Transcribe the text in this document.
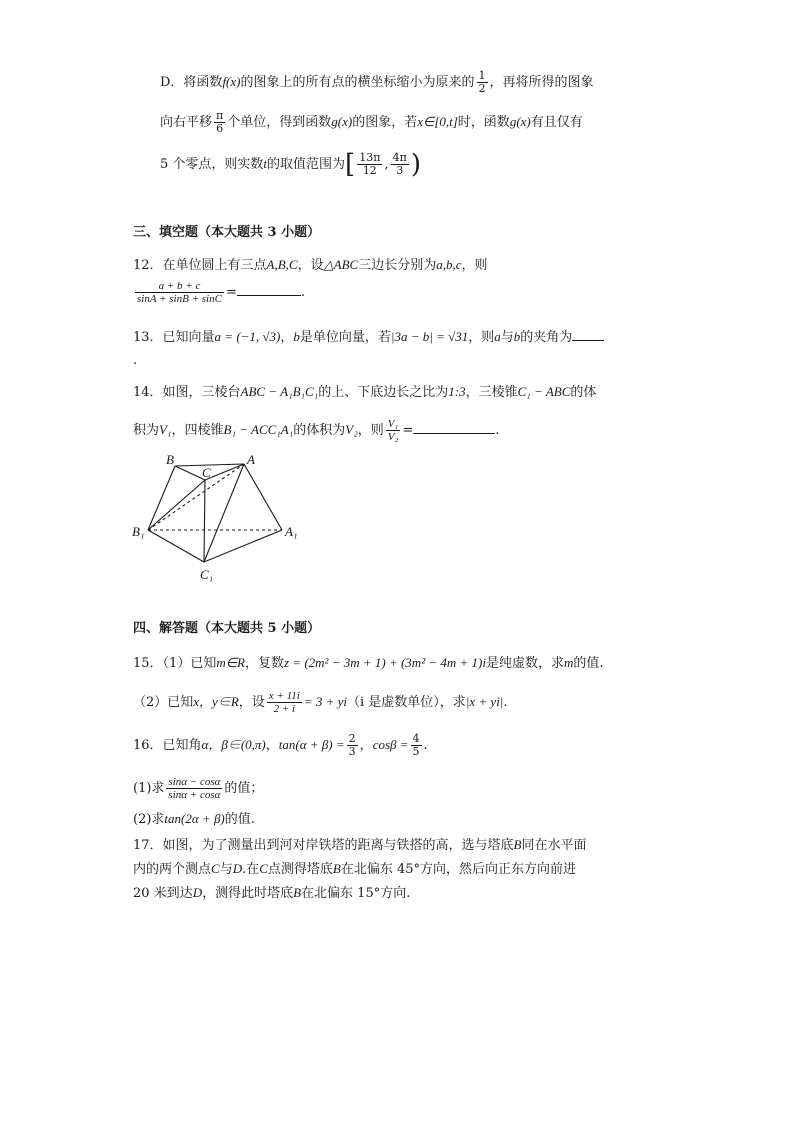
D．将函数f(x)的图象上的所有点的横坐标缩小为原来的 $\frac{1}{2}$ ，再将所得的图象
向右平移 $\frac{\pi}{6}$ 个单位，得到函数g(x)的图象，若x∈[0,t]时，函数g(x)有且仅有
5 个零点，则实数t的取值范围为[ $\frac{13\pi}{12}$ , $\frac{4\pi}{3}$ )
三、填空题（本大题共 3 小题）
12．在单位圆上有三点A,B,C，设△ABC三边长分别为a,b,c，则
$\frac{a + b + c}{\sin A + \sin B + \sin C}$ =	.
13．已知向量a = (−1, √3)，b是单位向量，若|3a − b| = √31，则a与b的夹角为
.
14．如图，三棱台ABC − A₁B₁C₁的上、下底边长之比为1:3，三棱锥C₁ − ABC的体
积为V₁，四棱锥B₁ − ACC₁A₁的体积为V₂，则 $\frac{\text{V₁}}{\text{V₂}}$ =	.
B
C
A
B₁	A₁
C₁
四、解答题（本大题共 5 小题）
15．（1）已知m∈R，复数z = (2m² − 3m + 1) + (3m² − 4m + 1)i是纯虚数，求m的值.
（2）已知x，y∈R，设 $\frac{x + 11i}{2 + i} = 3 + yi(i$ 是虚数单位），求|x + yi|.
16．已知角α，β∈(0,π)，$\tan(\alpha + \beta) = \frac{2}{3}$ ，$\cos\beta = \frac{4}{5}$ .
(1)求 $\frac{\sin\alpha - \cos\alpha}{\sin\alpha + \cos\alpha}$ 的值；
(2)求tan(2α + β)的值.
17．如图，为了测量出到河对岸铁塔的距离与铁搭的高，选与塔底B同在水平面
内的两个测点C与D.在C点测得塔底B在北偏东 45°方向，然后向正东方向前进
20 米到达D，测得此时塔底B在北偏东 15°方向.
